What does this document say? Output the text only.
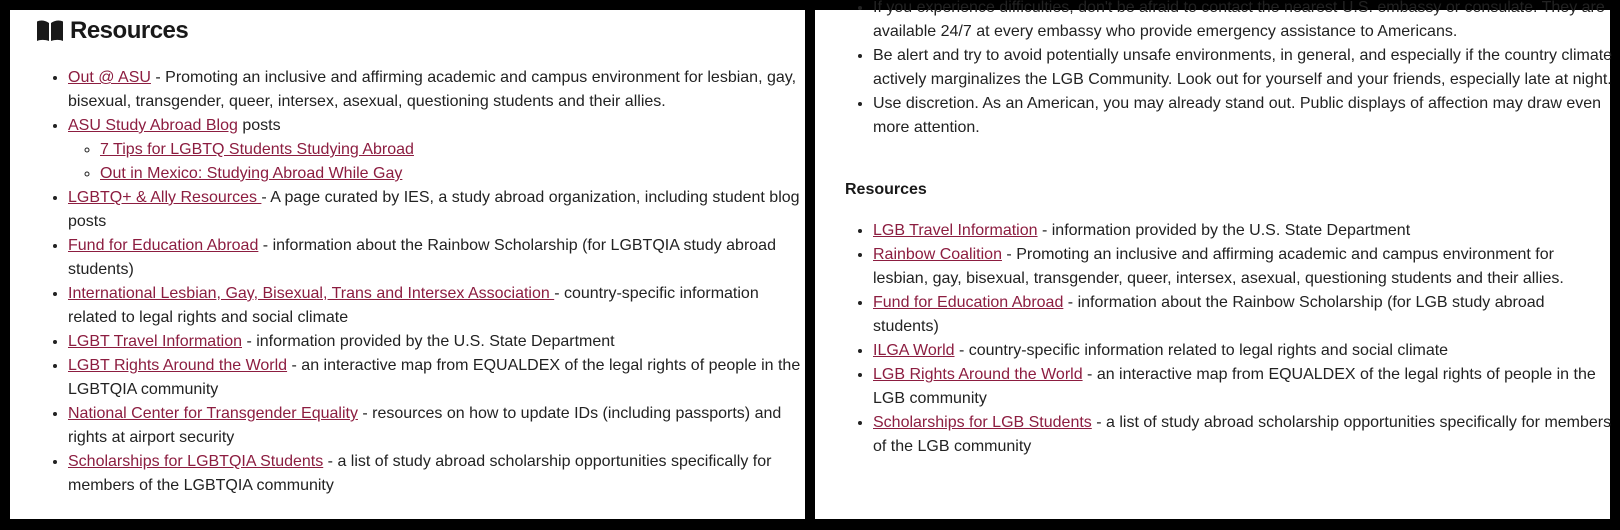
Resources
• Out @ ASU - Promoting an inclusive and affirming academic and campus environment for lesbian, gay, bisexual, transgender, queer, intersex, asexual, questioning students and their allies.
• ASU Study Abroad Blog posts
◦ 7 Tips for LGBTQ Students Studying Abroad
◦ Out in Mexico: Studying Abroad While Gay
• LGBTQ+ & Ally Resources - A page curated by IES, a study abroad organization, including student blog posts
• Fund for Education Abroad - information about the Rainbow Scholarship (for LGBTQIA study abroad students)
• International Lesbian, Gay, Bisexual, Trans and Intersex Association - country-specific information related to legal rights and social climate
• LGBT Travel Information - information provided by the U.S. State Department
• LGBT Rights Around the World - an interactive map from EQUALDEX of the legal rights of people in the LGBTQIA community
• National Center for Transgender Equality - resources on how to update IDs (including passports) and rights at airport security
• Scholarships for LGBTQIA Students - a list of study abroad scholarship opportunities specifically for members of the LGBTQIA community
• If you experience difficulties, don't be afraid to contact the nearest U.S. embassy or consulate. They are available 24/7 at every embassy who provide emergency assistance to Americans.
• Be alert and try to avoid potentially unsafe environments, in general, and especially if the country climate actively marginalizes the LGB Community. Look out for yourself and your friends, especially late at night.
• Use discretion. As an American, you may already stand out. Public displays of affection may draw even more attention.
Resources
• LGB Travel Information - information provided by the U.S. State Department
• Rainbow Coalition - Promoting an inclusive and affirming academic and campus environment for lesbian, gay, bisexual, transgender, queer, intersex, asexual, questioning students and their allies.
• Fund for Education Abroad - information about the Rainbow Scholarship (for LGB study abroad students)
• ILGA World - country-specific information related to legal rights and social climate
• LGB Rights Around the World - an interactive map from EQUALDEX of the legal rights of people in the LGB community
• Scholarships for LGB Students - a list of study abroad scholarship opportunities specifically for members of the LGB community
